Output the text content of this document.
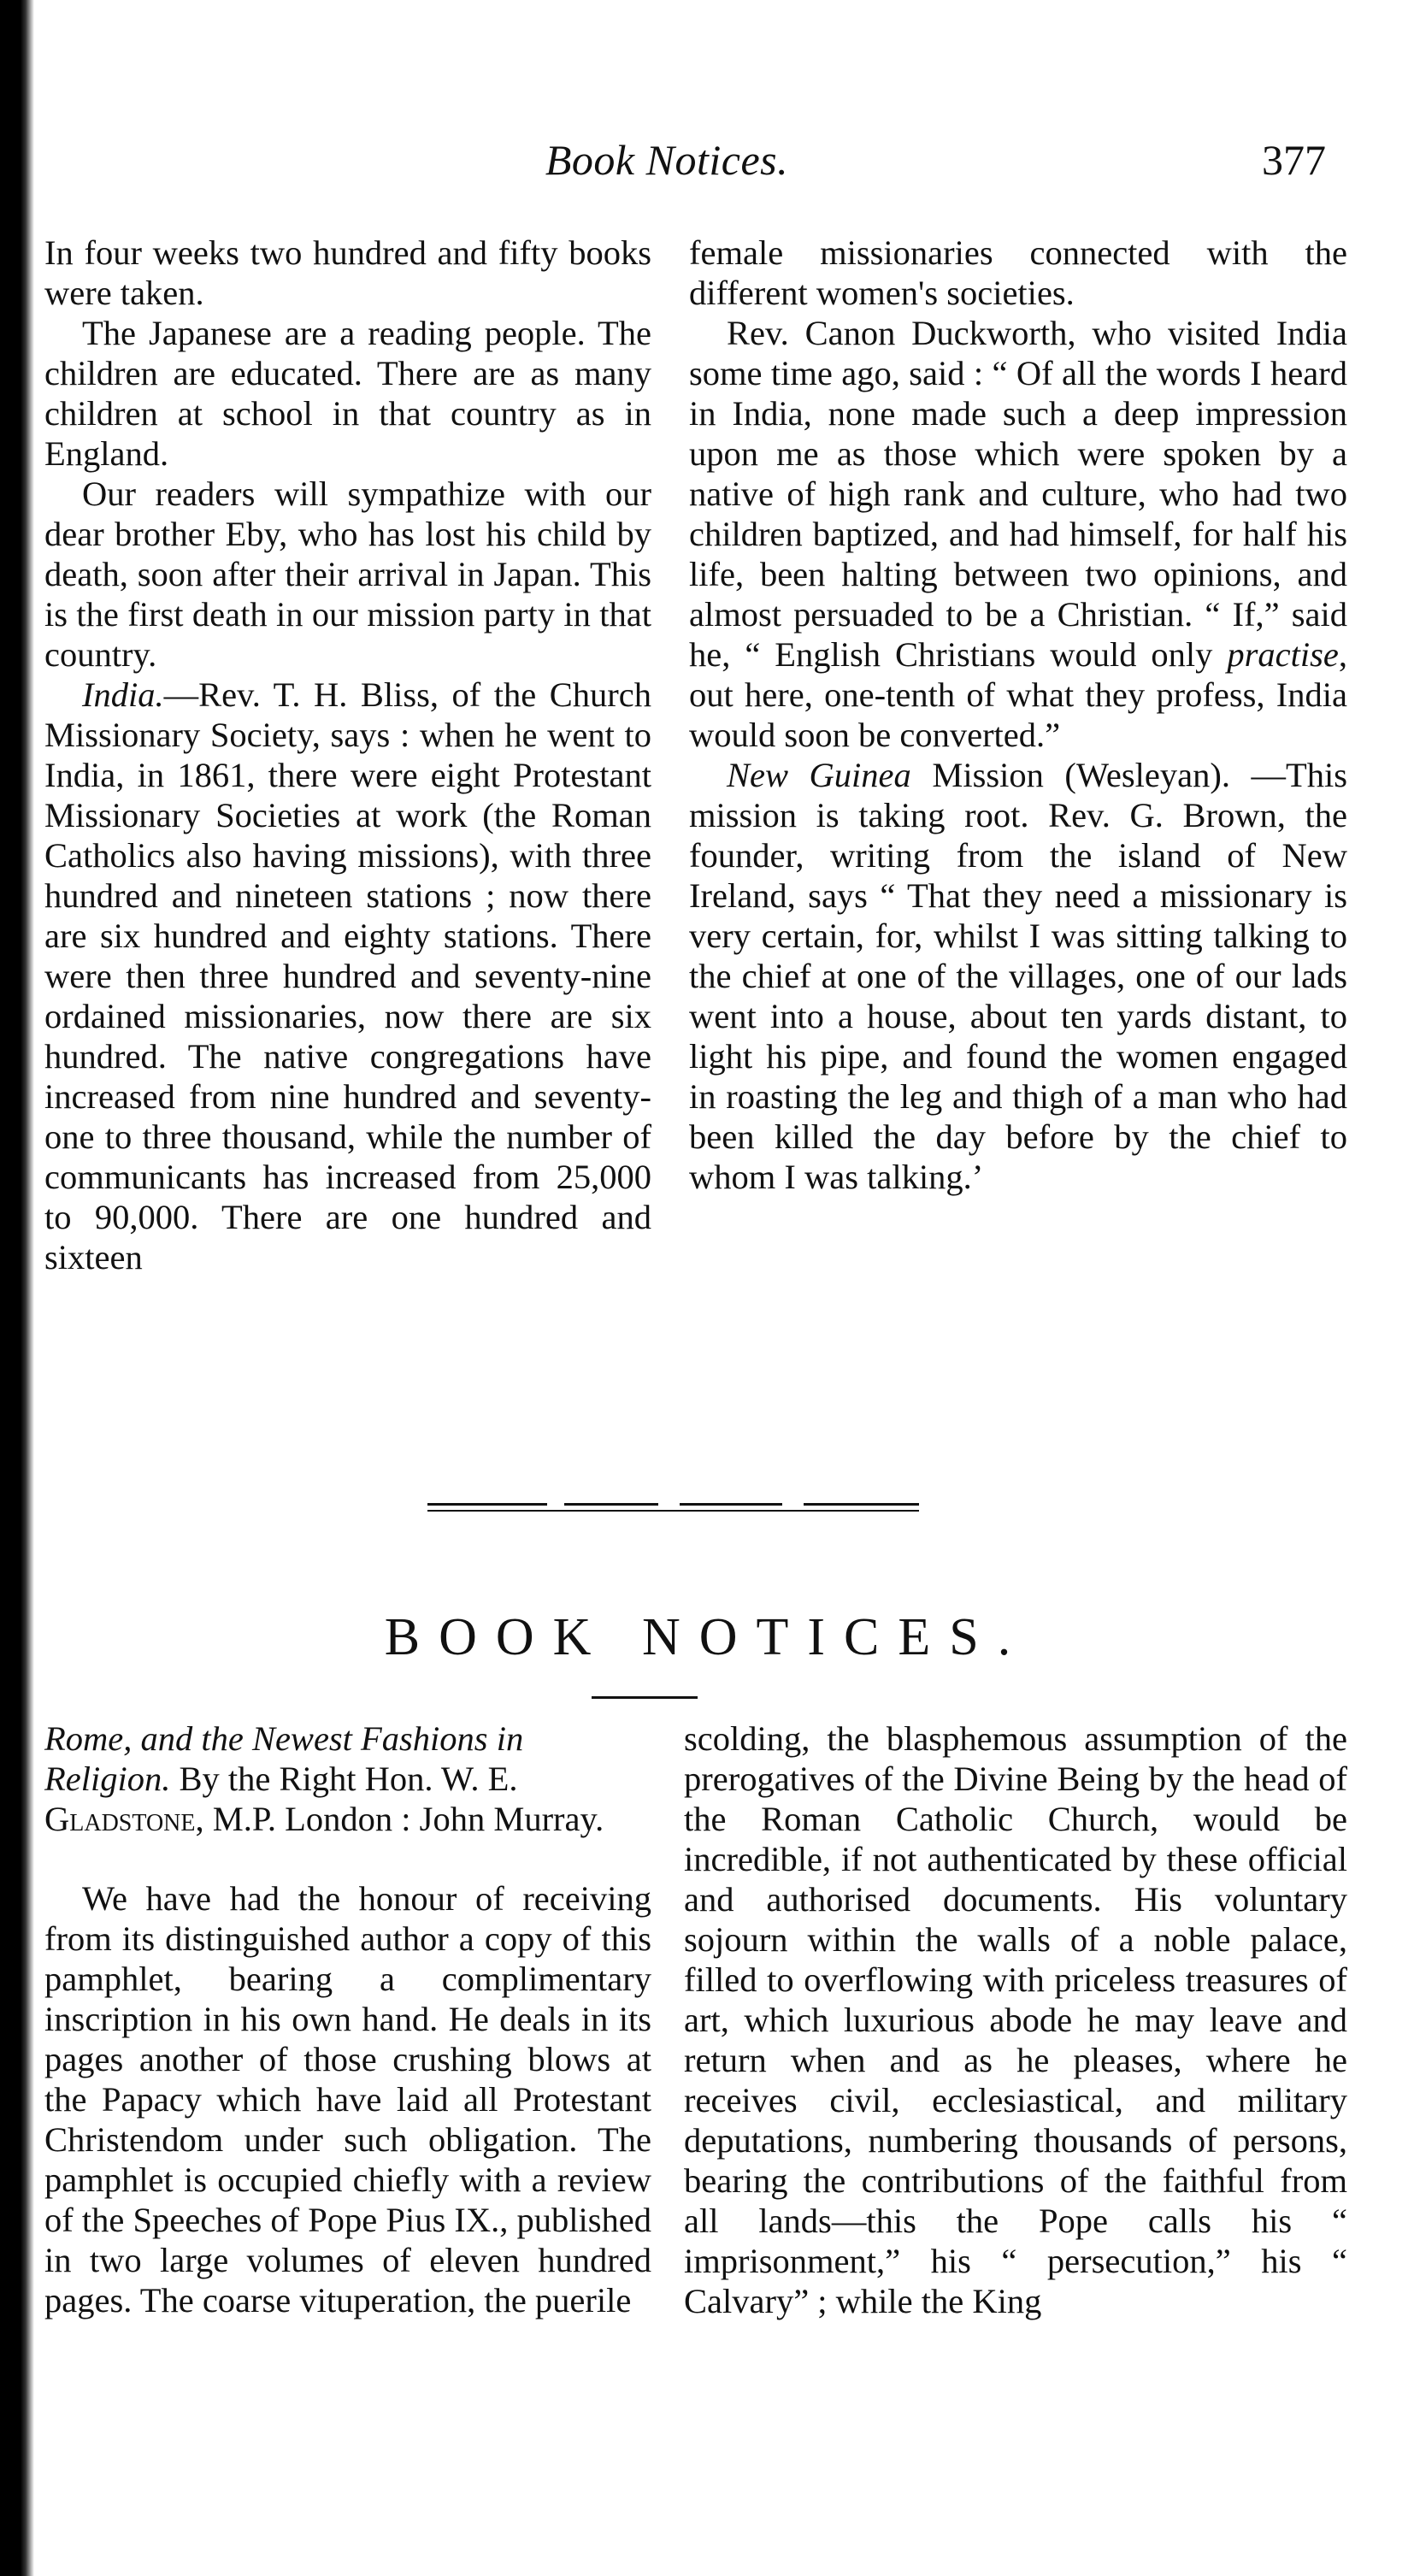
Book Notices.	377

In four weeks two hundred and fifty books were taken.

The Japanese are a reading people. The children are educated. There are as many children at school in that country as in England.

Our readers will sympathize with our dear brother Eby, who has lost his child by death, soon after their arrival in Japan. This is the first death in our mission party in that country.

India.—Rev. T. H. Bliss, of the Church Missionary Society, says : when he went to India, in 1861, there were eight Protestant Missionary Societies at work (the Roman Catholics also having missions), with three hundred and nineteen stations ; now there are six hundred and eighty stations. There were then three hundred and seventy-nine ordained missionaries, now there are six hundred. The native congregations have increased from nine hundred and seventy-one to three thousand, while the number of communicants has increased from 25,000 to 90,000. There are one hundred and sixteen

female missionaries connected with the different women's societies.

Rev. Canon Duckworth, who visited India some time ago, said : “ Of all the words I heard in India, none made such a deep impression upon me as those which were spoken by a native of high rank and culture, who had two children baptized, and had himself, for half his life, been halting between two opinions, and almost persuaded to be a Christian. “ If,” said he, “ English Christians would only practise, out here, one-tenth of what they profess, India would soon be converted.”

New Guinea Mission (Wesleyan). —This mission is taking root. Rev. G. Brown, the founder, writing from the island of New Ireland, says “ That they need a missionary is very certain, for, whilst I was sitting talking to the chief at one of the villages, one of our lads went into a house, about ten yards distant, to light his pipe, and found the women engaged in roasting the leg and thigh of a man who had been killed the day before by the chief to whom I was talking.’

BOOK NOTICES.

Rome, and the Newest Fashions in Religion. By the Right Hon. W. E. Gladstone, M.P. London : John Murray.

We have had the honour of receiving from its distinguished author a copy of this pamphlet, bearing a complimentary inscription in his own hand. He deals in its pages another of those crushing blows at the Papacy which have laid all Protestant Christendom under such obligation. The pamphlet is occupied chiefly with a review of the Speeches of Pope Pius IX., published in two large volumes of eleven hundred pages. The coarse vituperation, the puerile

scolding, the blasphemous assumption of the prerogatives of the Divine Being by the head of the Roman Catholic Church, would be incredible, if not authenticated by these official and authorised documents. His voluntary sojourn within the walls of a noble palace, filled to overflowing with priceless treasures of art, which luxurious abode he may leave and return when and as he pleases, where he receives civil, ecclesiastical, and military deputations, numbering thousands of persons, bearing the contributions of the faithful from all lands—this the Pope calls his “ imprisonment,” his “ persecution,” his “ Calvary” ; while the King
